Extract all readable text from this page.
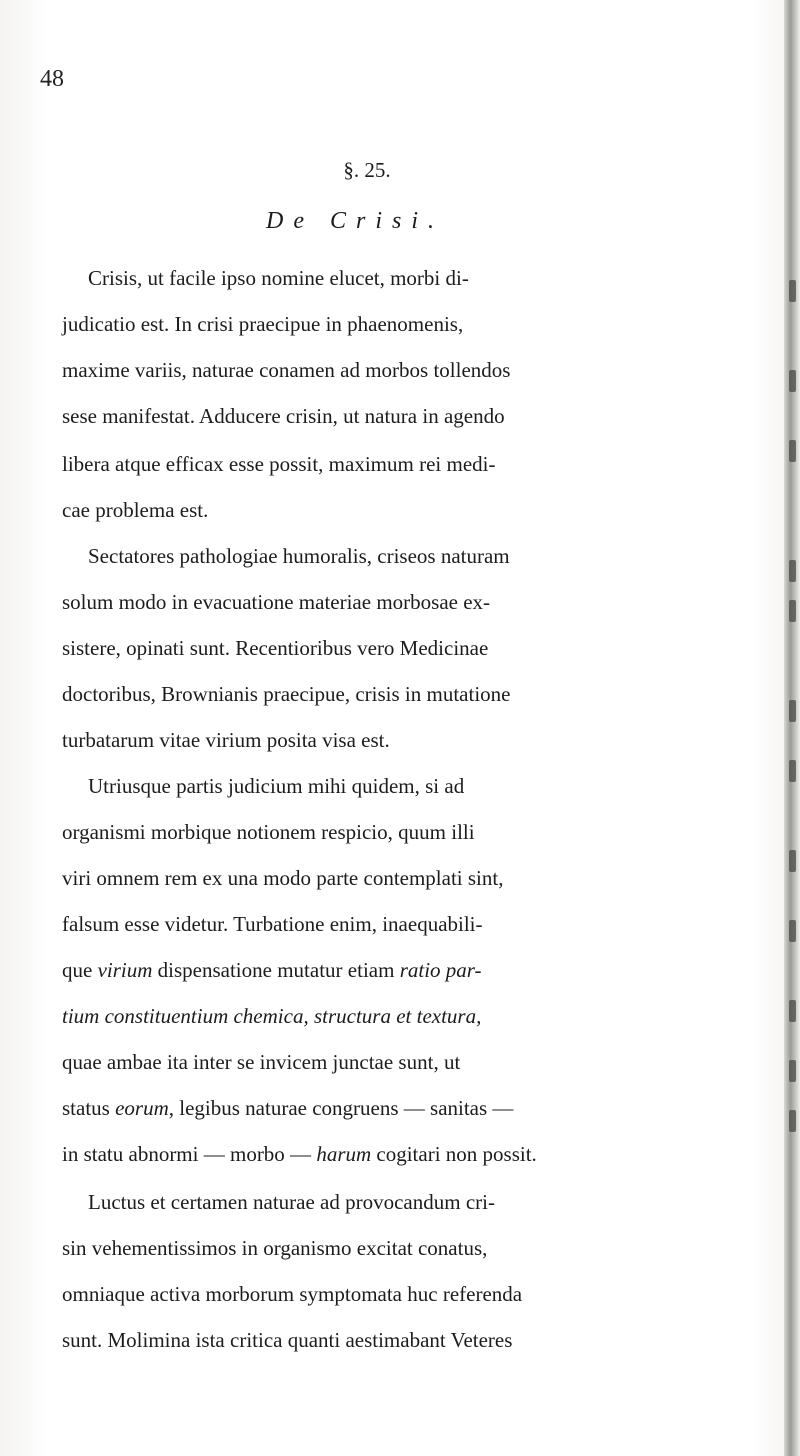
48
§. 25.
De Crisi.
Crisis, ut facile ipso nomine elucet, morbi di-
judicatio est. In crisi praecipue in phaenomenis,
maxime variis, naturae conamen ad morbos tollendos
sese manifestat. Adducere crisin, ut natura in agendo
libera atque efficax esse possit, maximum rei medi-
cae problema est.
Sectatores pathologiae humoralis, criseos naturam
solum modo in evacuatione materiae morbosae ex-
sistere, opinati sunt. Recentioribus vero Medicinae
doctoribus, Brownianis praecipue, crisis in mutatione
turbatarum vitae virium posita visa est.
Utriusque partis judicium mihi quidem, si ad
organismi morbique notionem respicio, quum illi
viri omnem rem ex una modo parte contemplati sint,
falsum esse videtur. Turbatione enim, inaequabili-
que virium dispensatione mutatur etiam ratio par-
tium constituentium chemica, structura et textura,
quae ambae ita inter se invicem junctae sunt, ut
status eorum, legibus naturae congruens — sanitas —
in statu abnormi — morbo — harum cogitari non possit.
Luctus et certamen naturae ad provocandum cri-
sin vehementissimos in organismo excitat conatus,
omniaque activa morborum symptomata huc referenda
sunt. Molimina ista critica quanti aestimabant Veteres
